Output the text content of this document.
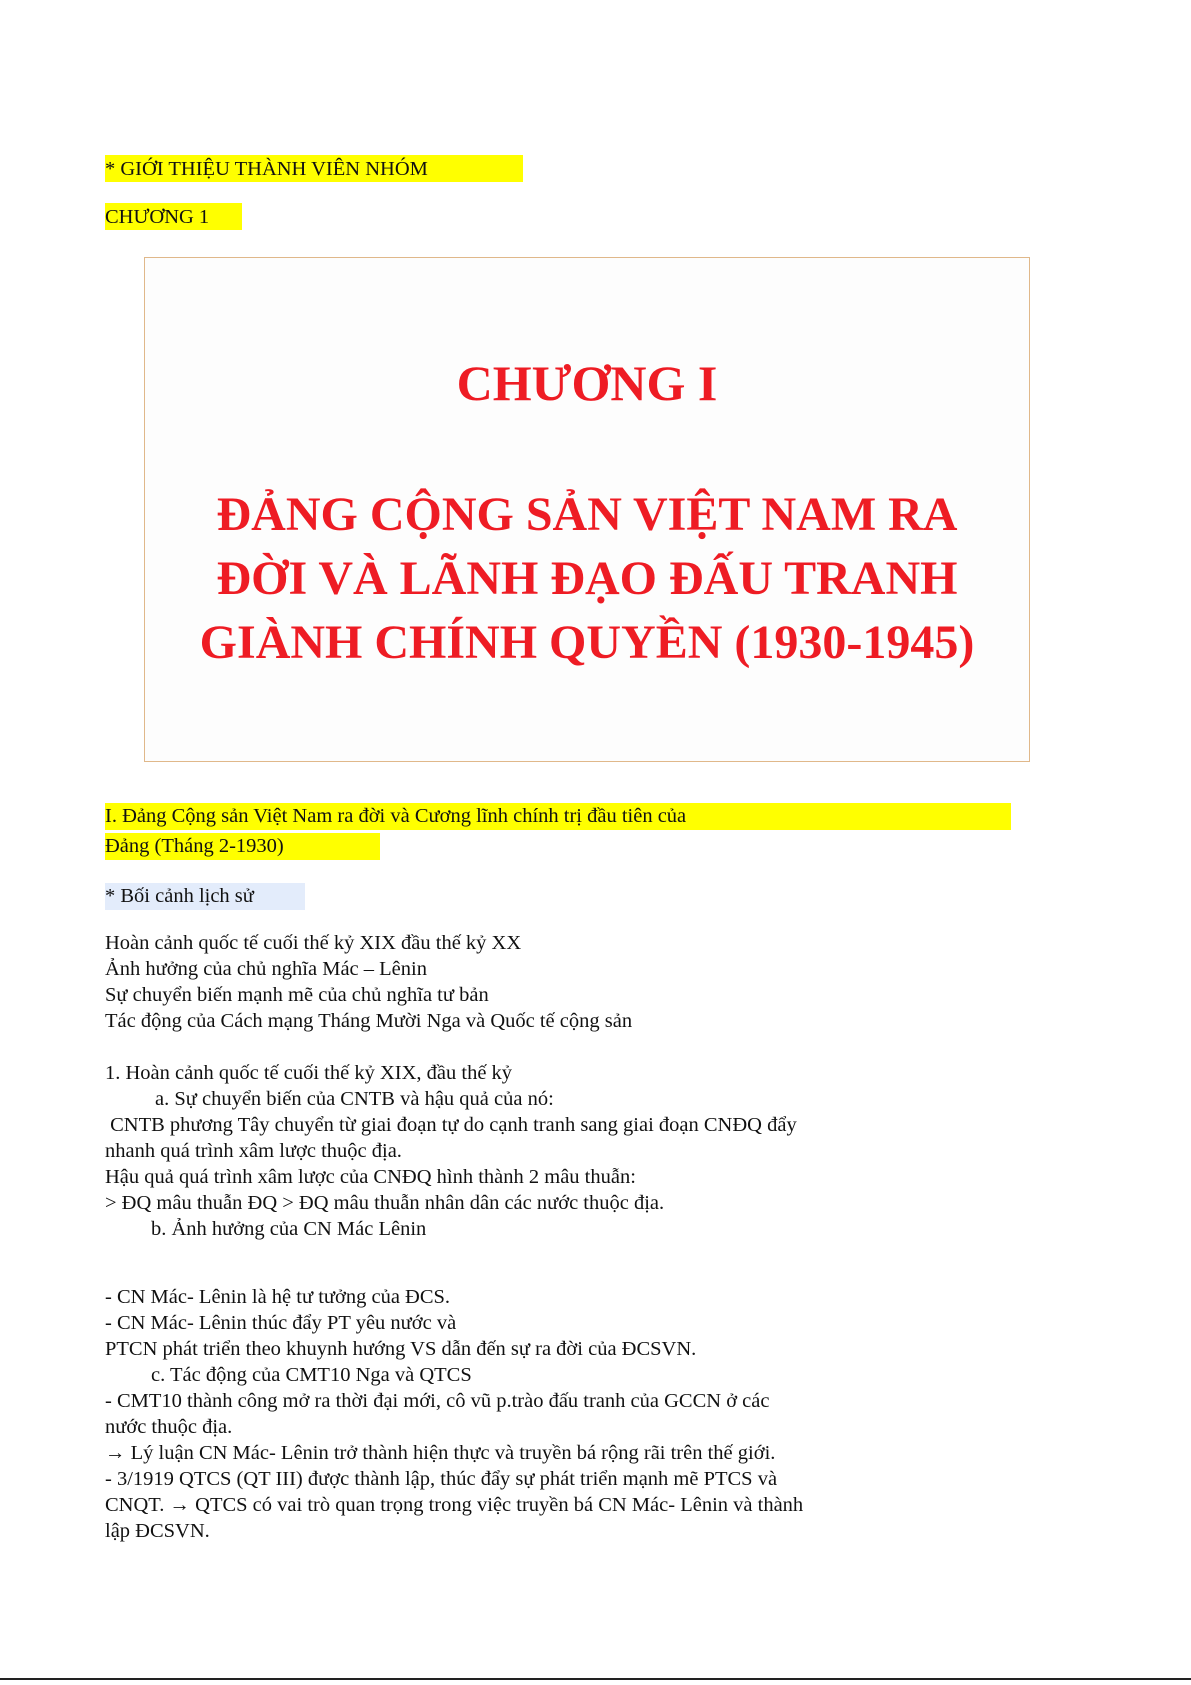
* GIỚI THIỆU THÀNH VIÊN NHÓM

CHƯƠNG 1

CHƯƠNG I
ĐẢNG CỘNG SẢN VIỆT NAM RA
ĐỜI VÀ LÃNH ĐẠO ĐẤU TRANH
GIÀNH CHÍNH QUYỀN (1930-1945)

I. Đảng Cộng sản Việt Nam ra đời và Cương lĩnh chính trị đầu tiên của

Đảng (Tháng 2-1930)

* Bối cảnh lịch sử

Hoàn cảnh quốc tế cuối thế kỷ XIX đầu thế kỷ XX
Ảnh hưởng của chủ nghĩa Mác – Lênin
Sự chuyển biến mạnh mẽ của chủ nghĩa tư bản
Tác động của Cách mạng Tháng Mười Nga và Quốc tế cộng sản
1. Hoàn cảnh quốc tế cuối thế kỷ XIX, đầu thế kỷ
a. Sự chuyển biến của CNTB và hậu quả của nó:
CNTB phương Tây chuyển từ giai đoạn tự do cạnh tranh sang giai đoạn CNĐQ đẩy
nhanh quá trình xâm lược thuộc địa.
Hậu quả quá trình xâm lược của CNĐQ hình thành 2 mâu thuẫn:
> ĐQ mâu thuẫn ĐQ > ĐQ mâu thuẫn nhân dân các nước thuộc địa.
b. Ảnh hưởng của CN Mác Lênin
- CN Mác- Lênin là hệ tư tưởng của ĐCS.
- CN Mác- Lênin thúc đẩy PT yêu nước và
PTCN phát triển theo khuynh hướng VS dẫn đến sự ra đời của ĐCSVN.
c. Tác động của CMT10 Nga và QTCS
- CMT10 thành công mở ra thời đại mới, cô vũ p.trào đấu tranh của GCCN ở các
nước thuộc địa.
→ Lý luận CN Mác- Lênin trở thành hiện thực và truyền bá rộng rãi trên thế giới.
- 3/1919 QTCS (QT III) được thành lập, thúc đẩy sự phát triển mạnh mẽ PTCS và
CNQT. → QTCS có vai trò quan trọng trong việc truyền bá CN Mác- Lênin và thành
lập ĐCSVN.
